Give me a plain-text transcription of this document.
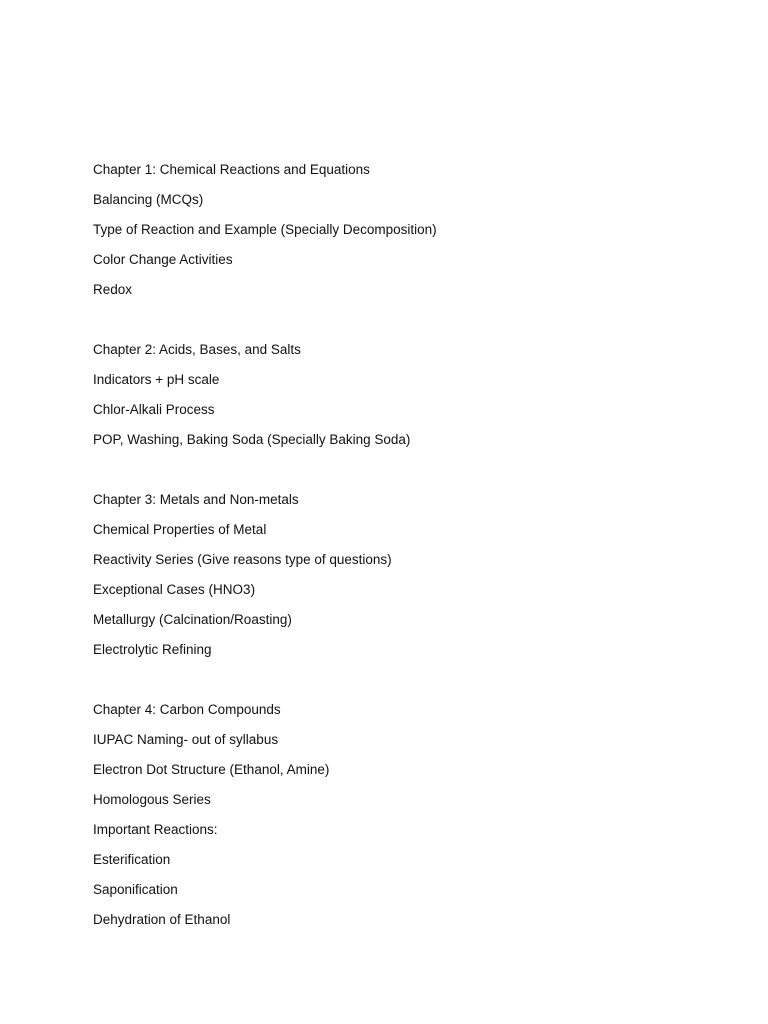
Chapter 1: Chemical Reactions and Equations
Balancing (MCQs)
Type of Reaction and Example (Specially Decomposition)
Color Change Activities
Redox
Chapter 2: Acids, Bases, and Salts
Indicators + pH scale
Chlor-Alkali Process
POP, Washing, Baking Soda (Specially Baking Soda)
Chapter 3: Metals and Non-metals
Chemical Properties of Metal
Reactivity Series (Give reasons type of questions)
Exceptional Cases (HNO3)
Metallurgy (Calcination/Roasting)
Electrolytic Refining
Chapter 4: Carbon Compounds
IUPAC Naming- out of syllabus
Electron Dot Structure (Ethanol, Amine)
Homologous Series
Important Reactions:
Esterification
Saponification
Dehydration of Ethanol
